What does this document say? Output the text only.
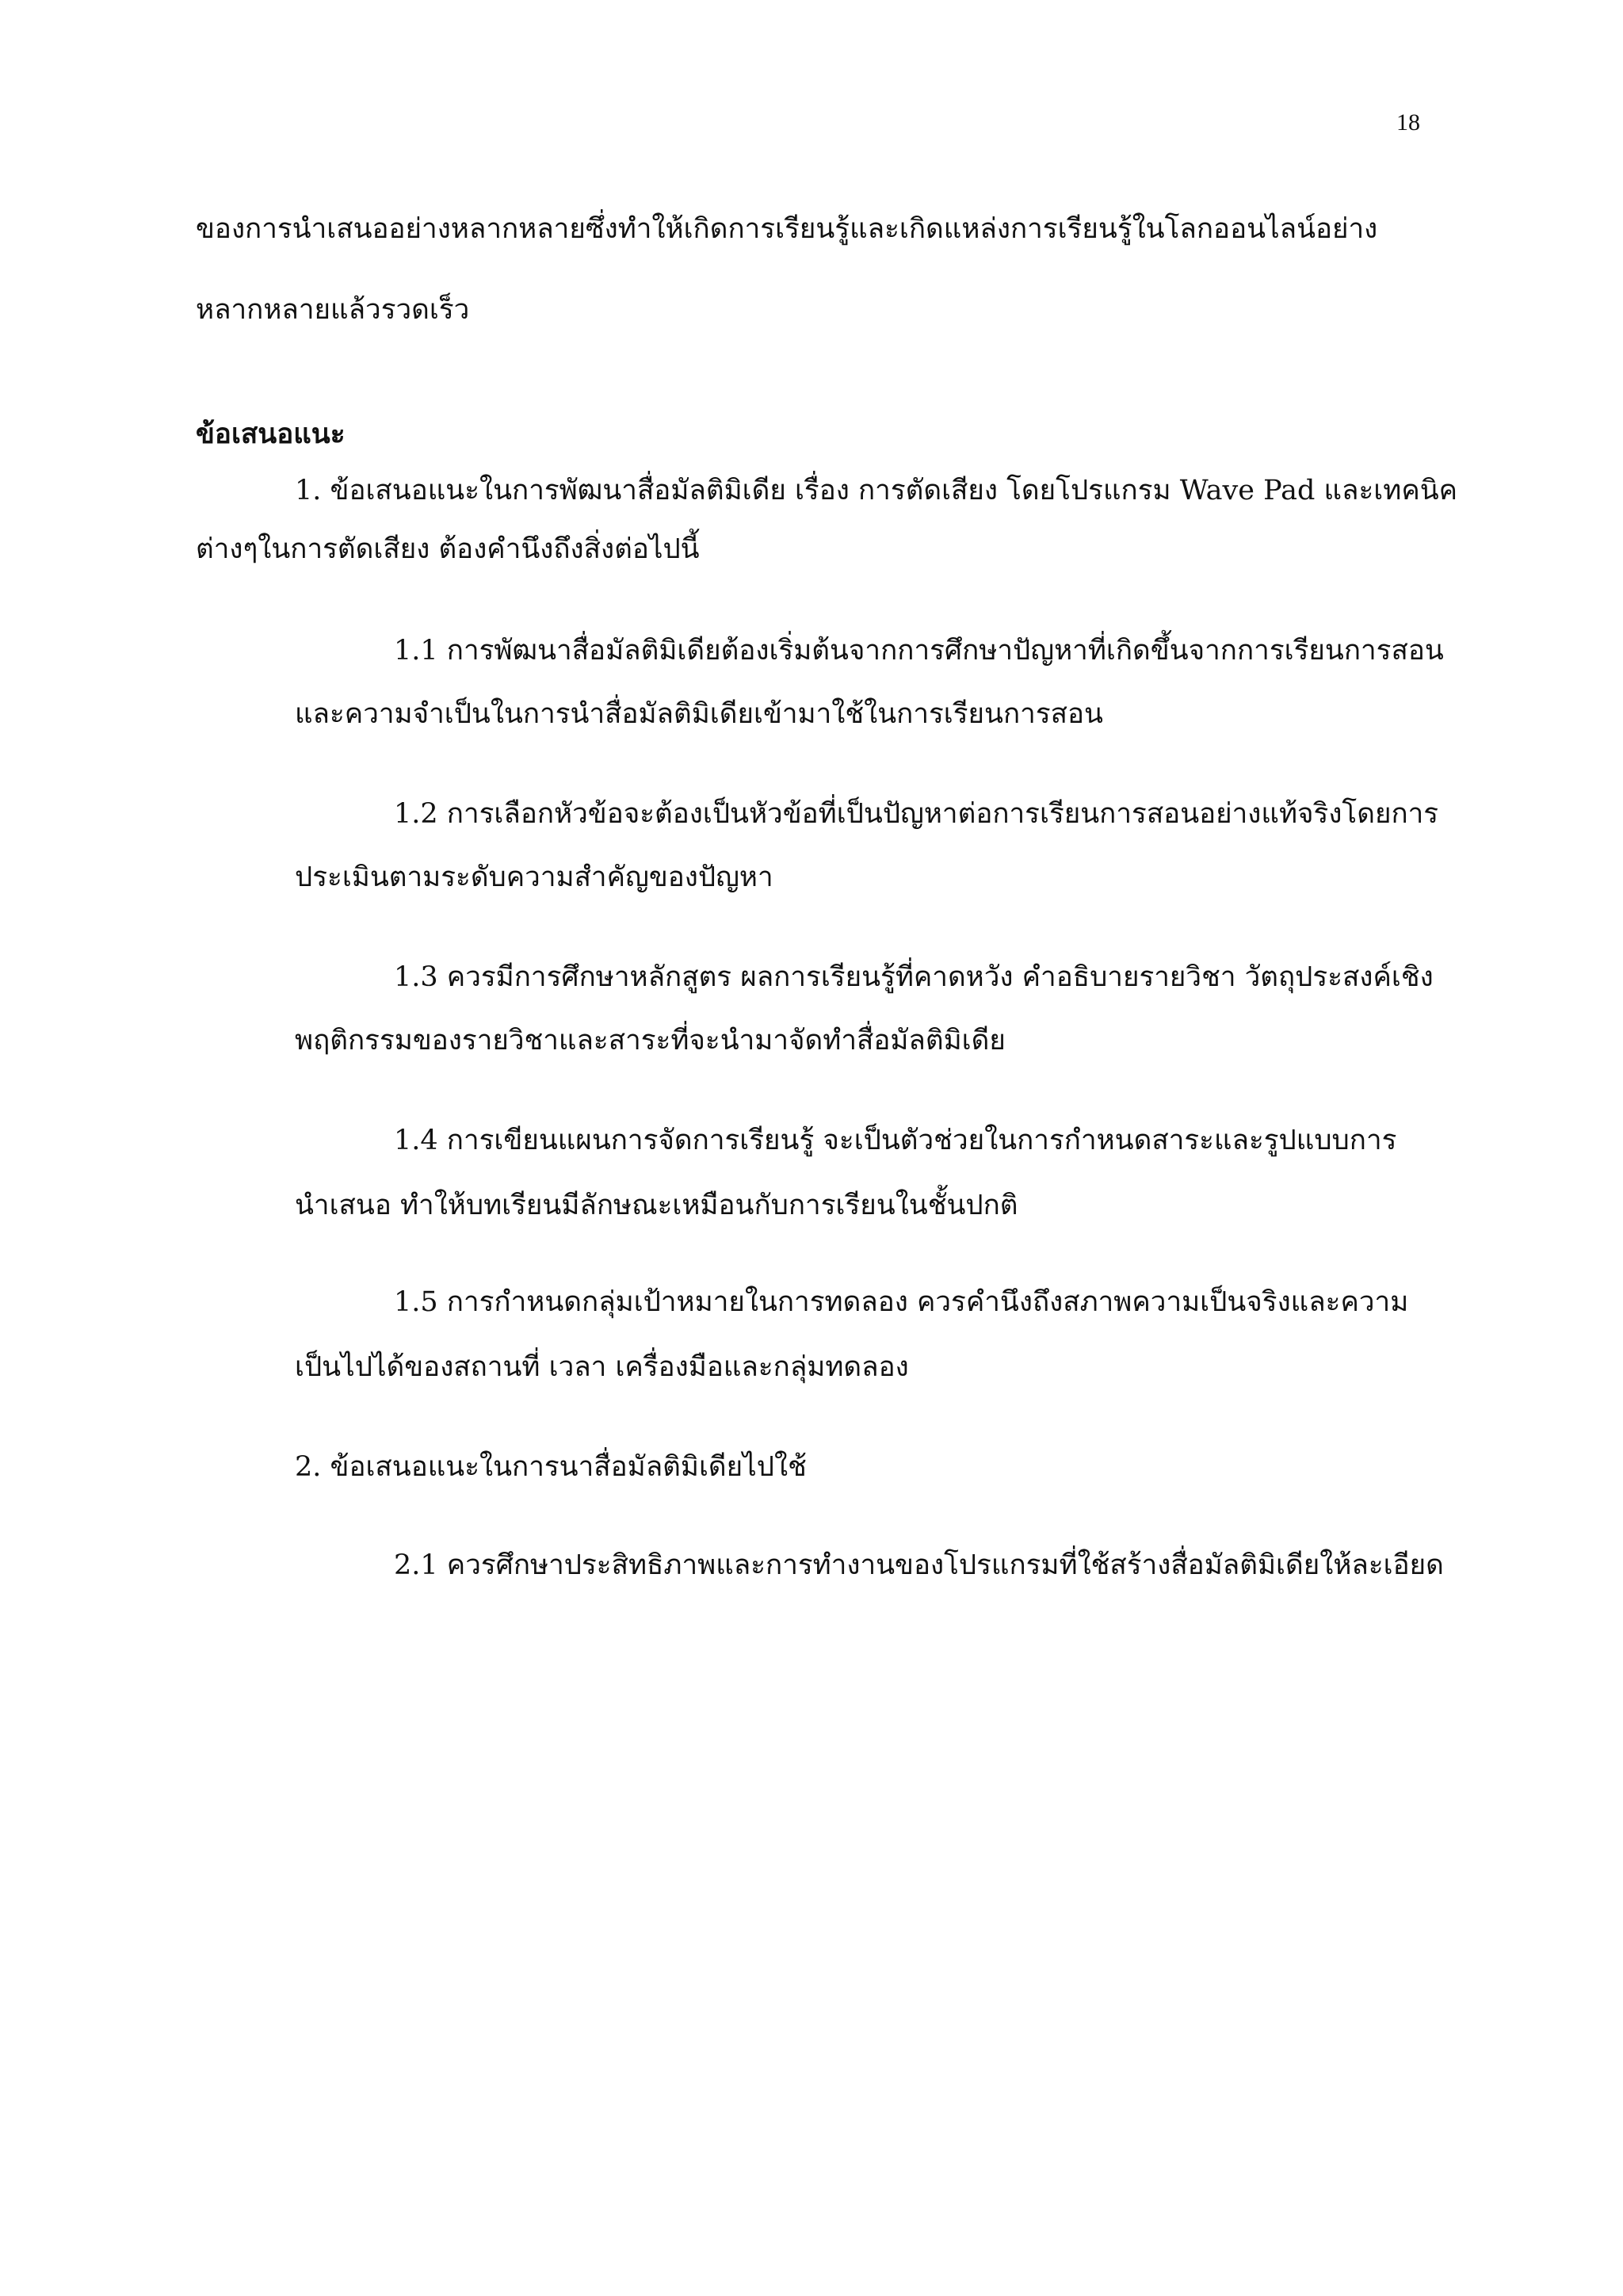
18
ของการนำเสนออย่างหลากหลายซึ่งทำให้เกิดการเรียนรู้และเกิดแหล่งการเรียนรู้ในโลกออนไลน์อย่าง
หลากหลายแล้วรวดเร็ว
ข้อเสนอแนะ
1. ข้อเสนอแนะในการพัฒนาสื่อมัลติมิเดีย เรื่อง การตัดเสียง โดยโปรแกรม Wave Pad และเทคนิค
ต่างๆในการตัดเสียง ต้องคำนึงถึงสิ่งต่อไปนี้
1.1 การพัฒนาสื่อมัลติมิเดียต้องเริ่มต้นจากการศึกษาปัญหาที่เกิดขึ้นจากการเรียนการสอน
และความจำเป็นในการนำสื่อมัลติมิเดียเข้ามาใช้ในการเรียนการสอน
1.2 การเลือกหัวข้อจะต้องเป็นหัวข้อที่เป็นปัญหาต่อการเรียนการสอนอย่างแท้จริงโดยการ
ประเมินตามระดับความสำคัญของปัญหา
1.3 ควรมีการศึกษาหลักสูตร ผลการเรียนรู้ที่คาดหวัง คำอธิบายรายวิชา วัตถุประสงค์เชิง
พฤติกรรมของรายวิชาและสาระที่จะนำมาจัดทำสื่อมัลติมิเดีย
1.4 การเขียนแผนการจัดการเรียนรู้ จะเป็นตัวช่วยในการกำหนดสาระและรูปแบบการ
นำเสนอ ทำให้บทเรียนมีลักษณะเหมือนกับการเรียนในชั้นปกติ
1.5 การกำหนดกลุ่มเป้าหมายในการทดลอง ควรคำนึงถึงสภาพความเป็นจริงและความ
เป็นไปได้ของสถานที่ เวลา เครื่องมือและกลุ่มทดลอง
2. ข้อเสนอแนะในการนาสื่อมัลติมิเดียไปใช้
2.1 ควรศึกษาประสิทธิภาพและการทำงานของโปรแกรมที่ใช้สร้างสื่อมัลติมิเดียให้ละเอียด
